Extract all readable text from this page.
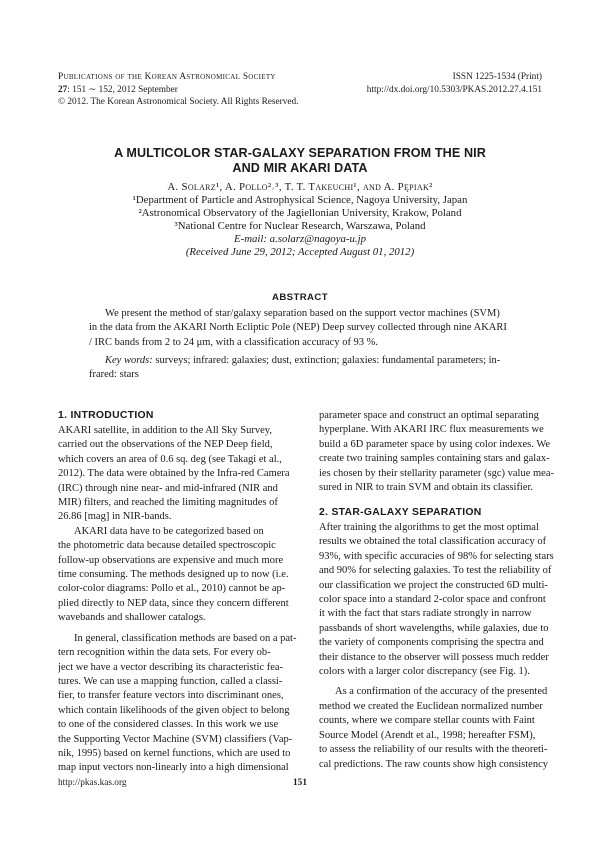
Publications of the Korean Astronomical Society
27: 151 ∼ 152, 2012 September
© 2012. The Korean Astronomical Society. All Rights Reserved.
ISSN 1225-1534 (Print)
http://dx.doi.org/10.5303/PKAS.2012.27.4.151
A MULTICOLOR STAR-GALAXY SEPARATION FROM THE NIR
AND MIR AKARI DATA
A. Solarz¹, A. Pollo²˒³, T. T. Takeuchi¹, and A. Pępiak²
¹Department of Particle and Astrophysical Science, Nagoya University, Japan
²Astronomical Observatory of the Jagiellonian University, Krakow, Poland
³National Centre for Nuclear Research, Warszawa, Poland
E-mail: a.solarz@nagoya-u.jp
(Received June 29, 2012; Accepted August 01, 2012)
ABSTRACT
We present the method of star/galaxy separation based on the support vector machines (SVM)
in the data from the AKARI North Ecliptic Pole (NEP) Deep survey collected through nine AKARI
/ IRC bands from 2 to 24 μm, with a classification accuracy of 93 %.
Key words: surveys; infrared: galaxies; dust, extinction; galaxies: fundamental parameters; in-
frared: stars
1. INTRODUCTION
AKARI satellite, in addition to the All Sky Survey,
carried out the observations of the NEP Deep field,
which covers an area of 0.6 sq. deg (see Takagi et al.,
2012). The data were obtained by the Infra-red Camera
(IRC) through nine near- and mid-infrared (NIR and
MIR) filters, and reached the limiting magnitudes of
26.86 [mag] in NIR-bands.
AKARI data have to be categorized based on
the photometric data because detailed spectroscopic
follow-up observations are expensive and much more
time consuming. The methods designed up to now (i.e.
color-color diagrams: Pollo et al., 2010) cannot be ap-
plied directly to NEP data, since they concern different
wavebands and shallower catalogs.
In general, classification methods are based on a pat-
tern recognition within the data sets. For every ob-
ject we have a vector describing its characteristic fea-
tures. We can use a mapping function, called a classi-
fier, to transfer feature vectors into discriminant ones,
which contain likelihoods of the given object to belong
to one of the considered classes. In this work we use
the Supporting Vector Machine (SVM) classifiers (Vap-
nik, 1995) based on kernel functions, which are used to
map input vectors non-linearly into a high dimensional
parameter space and construct an optimal separating
hyperplane. With AKARI IRC flux measurements we
build a 6D parameter space by using color indexes. We
create two training samples containing stars and galax-
ies chosen by their stellarity parameter (sgc) value mea-
sured in NIR to train SVM and obtain its classifier.
2. STAR-GALAXY SEPARATION
After training the algorithms to get the most optimal
results we obtained the total classification accuracy of
93%, with specific accuracies of 98% for selecting stars
and 90% for selecting galaxies. To test the reliability of
our classification we project the constructed 6D multi-
color space into a standard 2-color space and confront
it with the fact that stars radiate strongly in narrow
passbands of short wavelengths, while galaxies, due to
the variety of components comprising the spectra and
their distance to the observer will possess much redder
colors with a larger color discrepancy (see Fig. 1).
As a confirmation of the accuracy of the presented
method we created the Euclidean normalized number
counts, where we compare stellar counts with Faint
Source Model (Arendt et al., 1998; hereafter FSM),
to assess the reliability of our results with the theoreti-
cal predictions. The raw counts show high consistency
http://pkas.kas.org	151
